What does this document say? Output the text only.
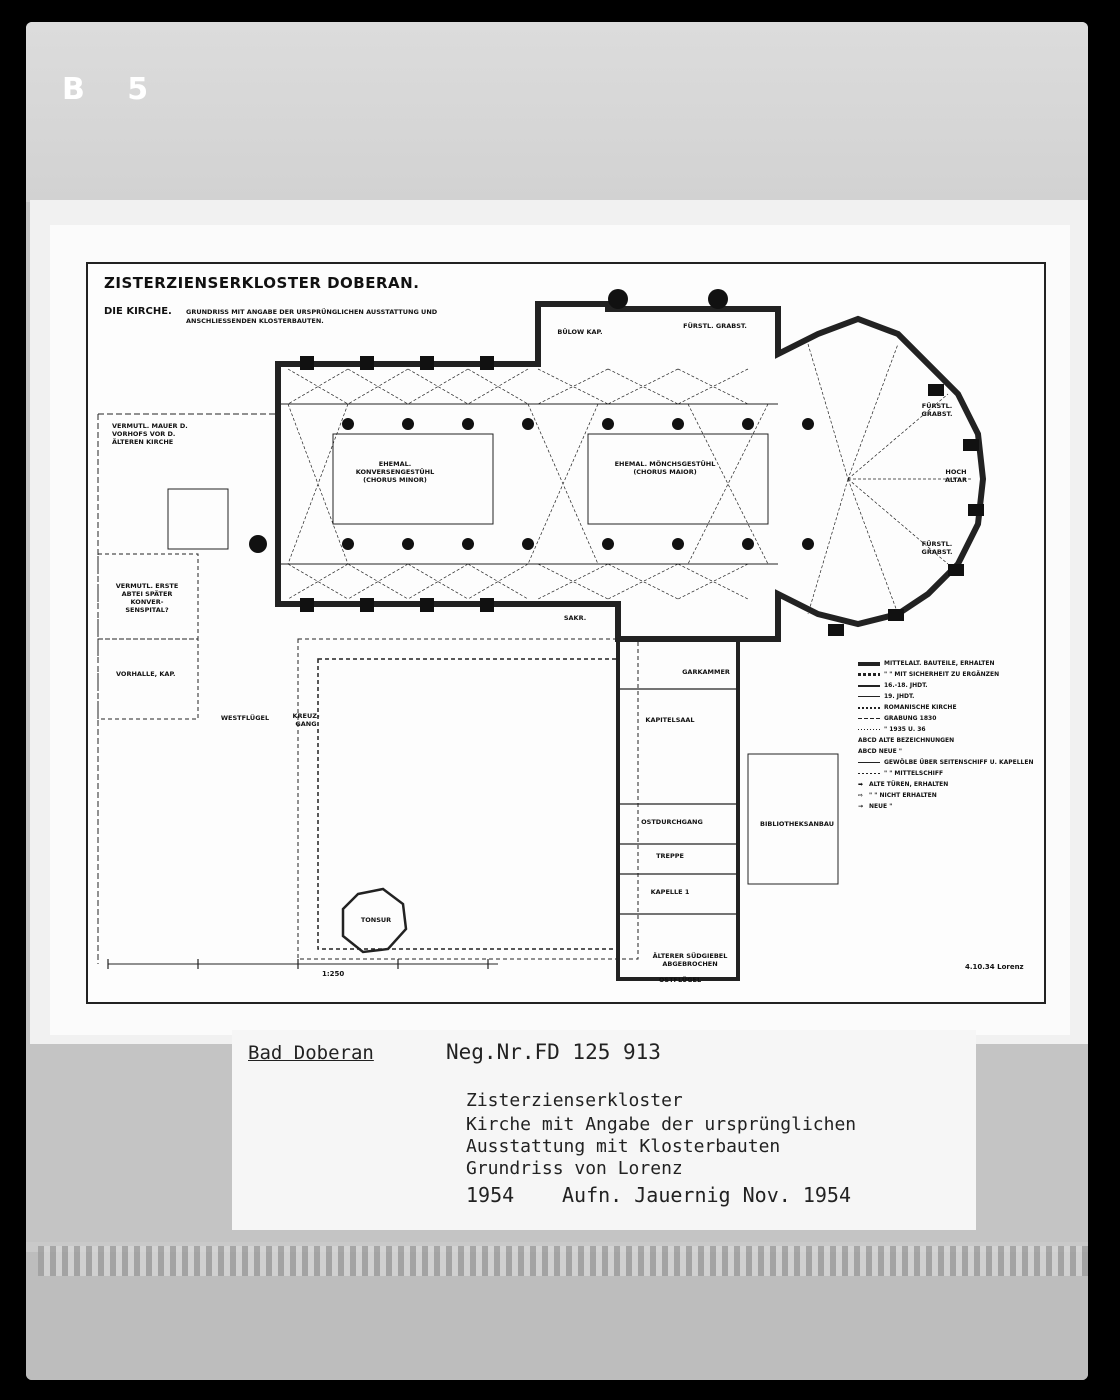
B 5
ZISTERZIENSERKLOSTER DOBERAN.
DIE KIRCHE. GRUNDRISS MIT ANGABE DER URSPRÜNGLICHEN AUSSTATTUNG UND ANSCHLIESSENDEN KLOSTERBAUTEN.
VERMUTL. MAUER D. VORHOFS VOR D. ÄLTEREN KIRCHE
VERMUTL. ERSTE ABTEI SPÄTER KONVER-SENSPITAL?
VORHALLE, KAP.
WESTFLÜGEL	KREUZ-GANG
EHEMAL. KONVERSENGESTÜHL (CHORUS MINOR)
EHEMAL. MÖNCHSGESTÜHL (CHORUS MAIOR)
BÜLOW KAP.
FÜRSTL. GRABST.
FÜRSTL. GRABST.
FÜRSTL. GRABST.
HOCH ALTAR
KAPITELSAAL
OSTDURCHGANG	BIBLIOTHEKSANBAU
TREPPE
KAPELLE 1
ÄLTERER SÜDGIEBEL ABGEBROCHEN
OSTFLÜGEL
TONSUR
SAKR.
GARKAMMER
MITTELALT. BAUTEILE, ERHALTEN
" " MIT SICHERHEIT ZU ERGÄNZEN
16.-18. JHDT.
19. JHDT.
ROMANISCHE KIRCHE
GRABUNG 1830
" 1935 U. 36
ABCD ALTE BEZEICHNUNGEN
ABCD NEUE "
GEWÖLBE ÜBER SEITENSCHIFF U. KAPELLEN
" " MITTELSCHIFF
➡ ALTE TÜREN, ERHALTEN
⇨ " " NICHT ERHALTEN
→ NEUE "
1:250
4.10.34 Lorenz
Bad Doberan	Neg.Nr.FD 125 913
Zisterzienserkloster
Kirche mit Angabe der ursprünglichen
Ausstattung mit Klosterbauten
Grundriss von Lorenz
1954 Aufn. Jauernig Nov. 1954
